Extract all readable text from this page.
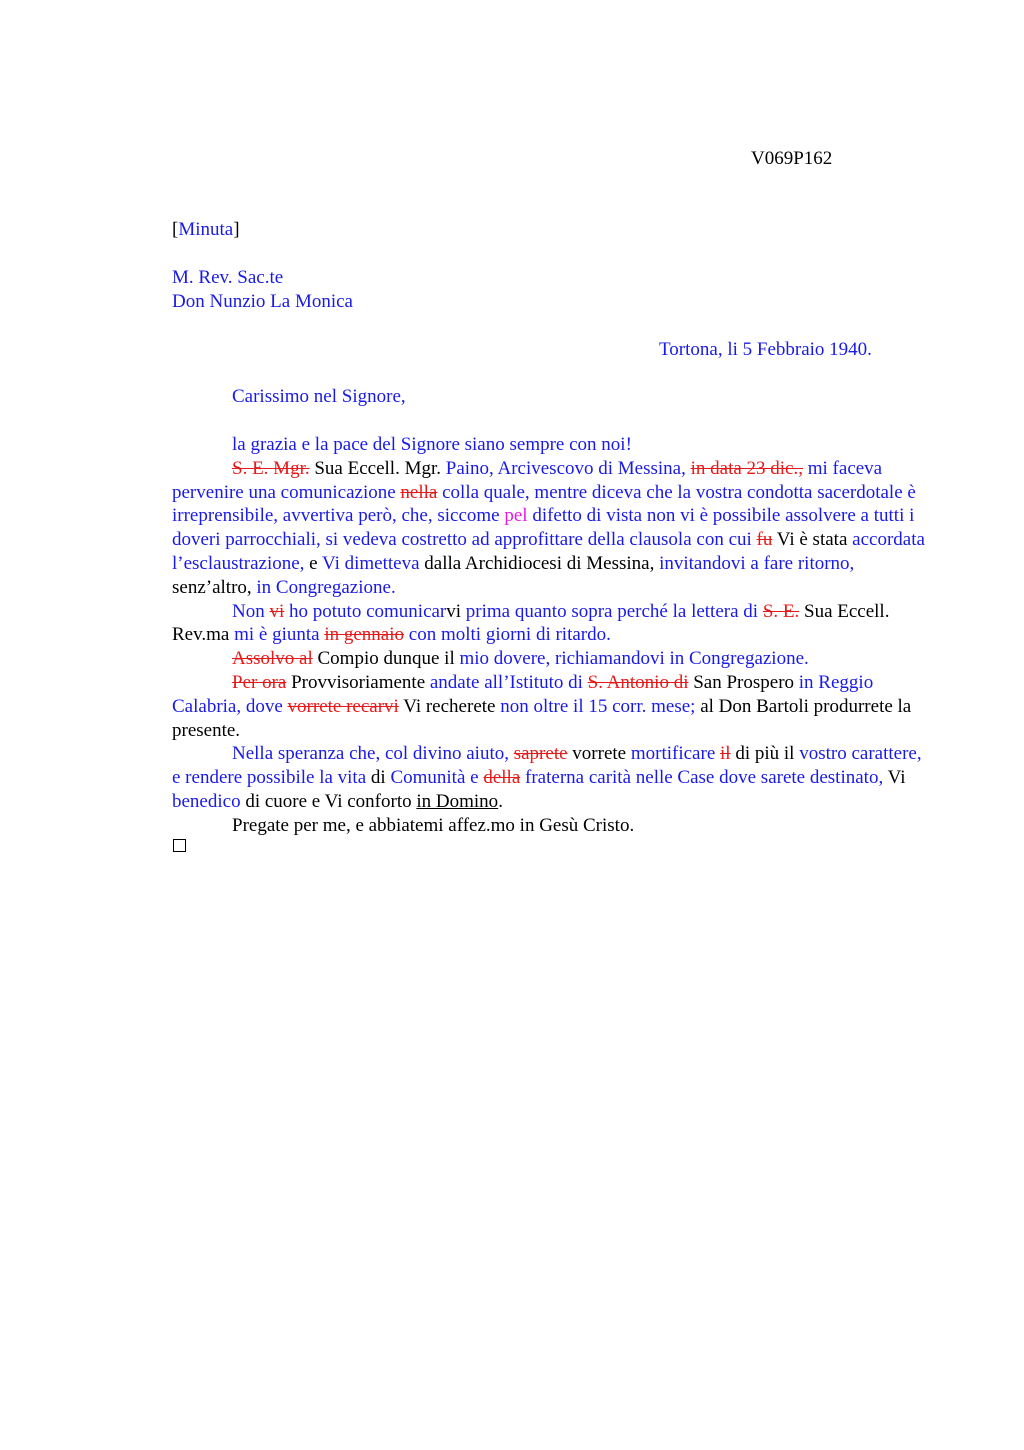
V069P162
[Minuta]
M. Rev. Sac.te
Don Nunzio La Monica
Tortona, li 5 Febbraio 1940.
Carissimo nel Signore,

la grazia e la pace del Signore siano sempre con noi!

S. E. Mgr. Sua Eccell. Mgr. Paino, Arcivescovo di Messina, in data 23 dic., mi faceva pervenire una comunicazione nella colla quale, mentre diceva che la vostra condotta sacerdotale è irreprensibile, avvertiva però, che, siccome pel difetto di vista non vi è possibile assolvere a tutti i doveri parrocchiali, si vedeva costretto ad approfittare della clausola con cui fu Vi è stata accordata l’esclaustrazione, e Vi dimetteva dalla Archidiocesi di Messina, invitandovi a fare ritorno, senz’altro, in Congregazione.

Non vi ho potuto comunicarvi prima quanto sopra perché la lettera di S. E. Sua Eccell. Rev.ma mi è giunta in gennaio con molti giorni di ritardo.

Assolvo al Compio dunque il mio dovere, richiamandovi in Congregazione.

Per ora Provvisoriamente andate all’Istituto di S. Antonio di San Prospero in Reggio Calabria, dove vorrete recarvi Vi recherete non oltre il 15 corr. mese; al Don Bartoli produrrete la presente.

Nella speranza che, col divino aiuto, saprete vorrete mortificare il di più il vostro carattere, e rendere possibile la vita di Comunità e della fraterna carità nelle Case dove sarete destinato, Vi benedico di cuore e Vi conforto in Domino.

Pregate per me, e abbiatemi affez.mo in Gesù Cristo.
